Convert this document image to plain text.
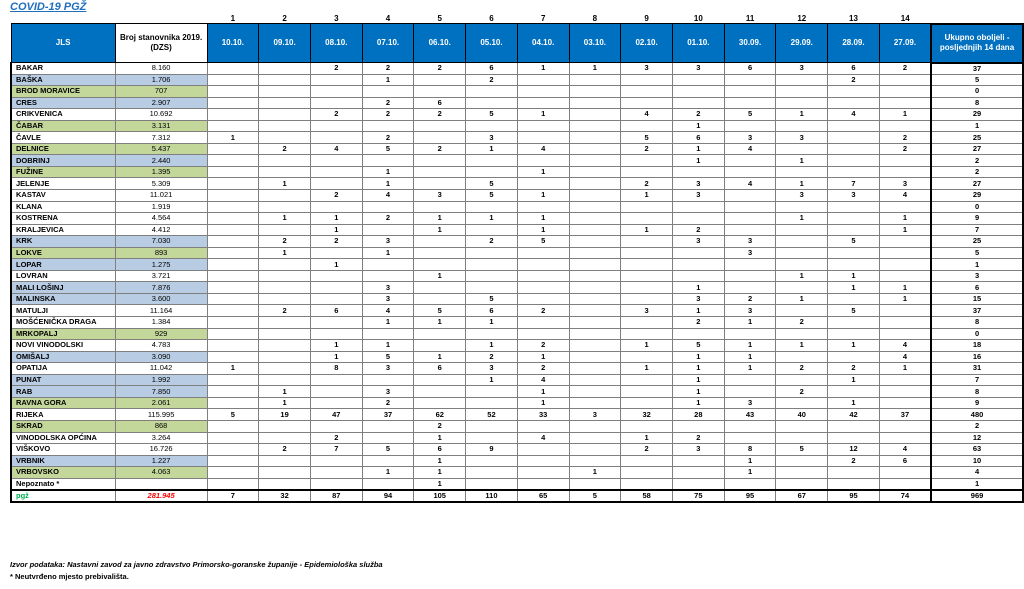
COVID-19 PGŽ
		1	2	3	4	5	6	7	8	9	10	11	12	13	14	
JLS	Broj stanovnika 2019. (DZS)	10.10.	09.10.	08.10.	07.10.	06.10.	05.10.	04.10.	03.10.	02.10.	01.10.	30.09.	29.09.	28.09.	27.09.	Ukupno oboljeli - posljednjih 14 dana
BAKAR	8.160			2	2	2	6	1	1	3	3	6	3	6	2	37
BAŠKA	1.706				1		2							2		5
BROD MORAVICE	707															0
CRES	2.907				2	6										8
CRIKVENICA	10.692			2	2	2	5	1		4	2	5	1	4	1	29
ČABAR	3.131										1					1
ČAVLE	7.312	1			2		3			5	6	3	3		2	25
DELNICE	5.437		2	4	5	2	1	4		2	1	4			2	27
DOBRINJ	2.440										1		1			2
FUŽINE	1.395				1			1								2
JELENJE	5.309		1		1		5			2	3	4	1	7	3	27
KASTAV	11.021			2	4	3	5	1		1	3		3	3	4	29
KLANA	1.919															0
KOSTRENA	4.564		1	1	2	1	1	1					1		1	9
KRALJEVICA	4.412			1		1		1		1	2				1	7
KRK	7.030		2	2	3		2	5			3	3		5		25
LOKVE	893		1		1							3				5
LOPAR	1.275			1												1
LOVRAN	3.721					1							1	1		3
MALI LOŠINJ	7.876				3						1			1	1	6
MALINSKA	3.600				3		5				3	2	1		1	15
MATULJI	11.164		2	6	4	5	6	2		3	1	3		5		37
MOŠĆENIČKA DRAGA	1.384				1	1	1				2	1	2			8
MRKOPALJ	929															0
NOVI VINODOLSKI	4.783			1	1		1	2		1	5	1	1	1	4	18
OMIŠALJ	3.090			1	5	1	2	1			1	1			4	16
OPATIJA	11.042	1		8	3	6	3	2		1	1	1	2	2	1	31
PUNAT	1.992						1	4			1			1		7
RAB	7.850		1		3			1			1		2			8
RAVNA GORA	2.061		1		2			1			1	3		1		9
RIJEKA	115.995	5	19	47	37	62	52	33	3	32	28	43	40	42	37	480
SKRAD	868					2										2
VINODOLSKA OPĆINA	3.264			2		1		4		1	2					12
VIŠKOVO	16.726		2	7	5	6	9			2	3	8	5	12	4	63
VRBNIK	1.227					1						1		2	6	10
VRBOVSKO	4.063				1	1			1			1				4
Nepoznato *						1										1
pgž	281.945	7	32	87	94	105	110	65	5	58	75	95	67	95	74	969
Izvor podataka: Nastavni zavod za javno zdravstvo Primorsko-goranske županije - Epidemiološka služba
* Neutvrđeno mjesto prebivališta.
